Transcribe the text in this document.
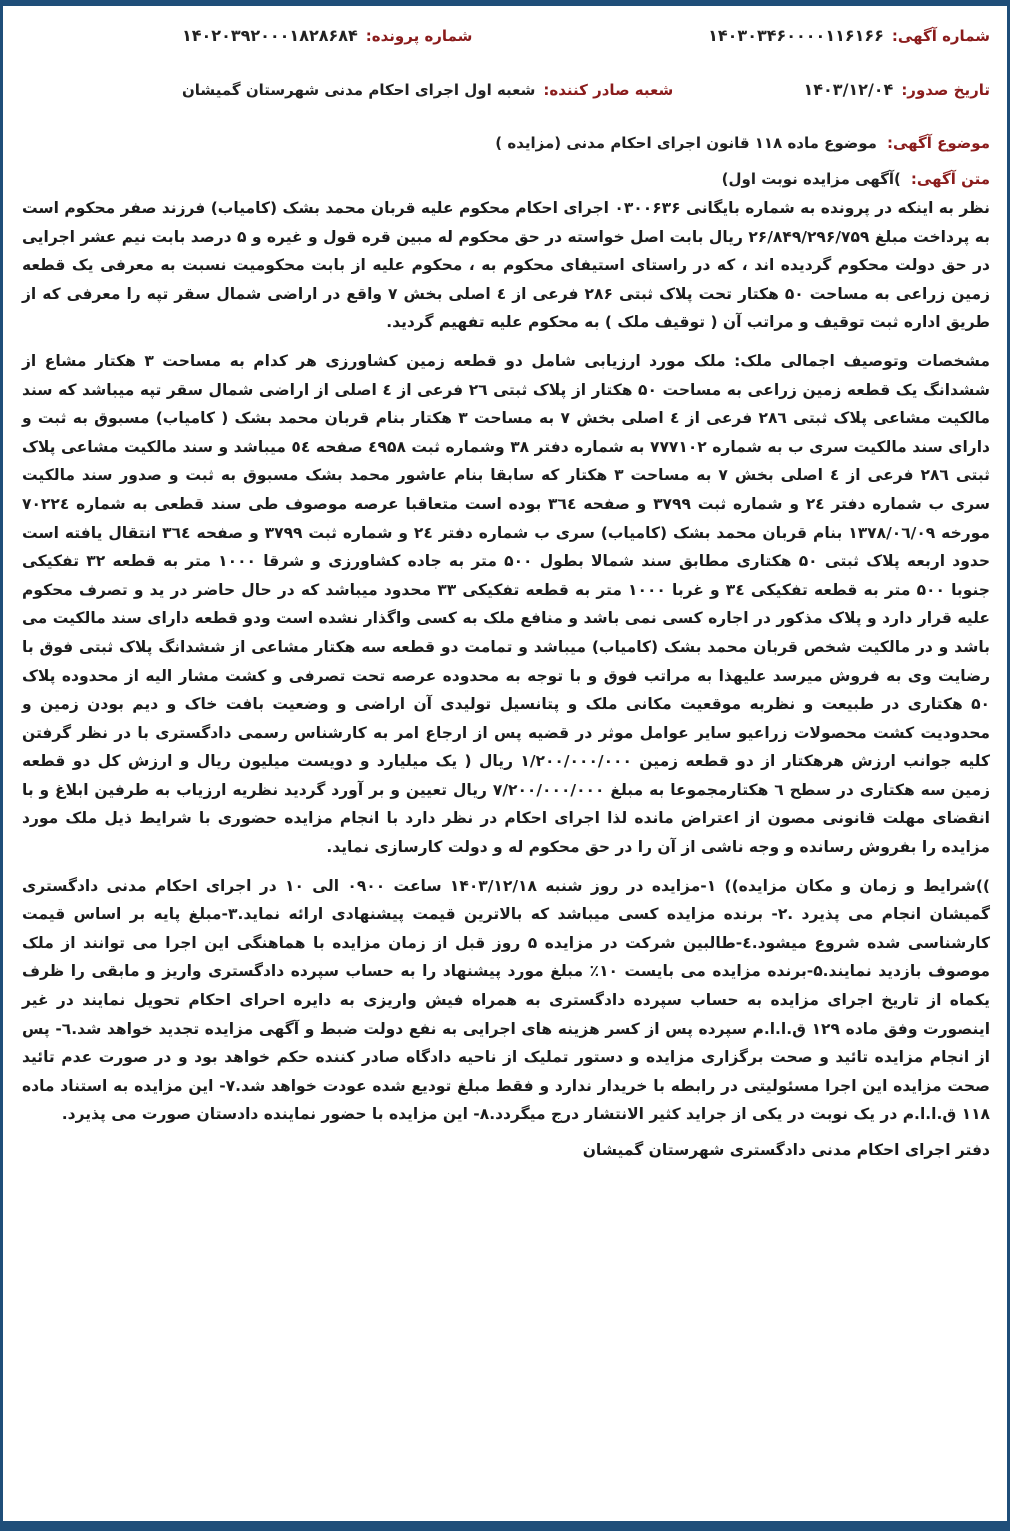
شماره آگهی:
۱۴۰۳۰۳۴۶۰۰۰۰۱۱۶۱۶۶
شماره پرونده:
۱۴۰۲۰۳۹۲۰۰۰۱۸۲۸۶۸۴
تاریخ صدور:
۱۴۰۳/۱۲/۰۴
شعبه صادر کننده:
شعبه اول اجرای احکام مدنی شهرستان گمیشان
موضوع آگهی:
موضوع ماده ۱۱۸ قانون اجرای احکام مدنی (مزایده )
متن آگهی:
)آگهی مزایده نوبت اول)

نظر به اینکه در پرونده به شماره بایگانی ۰۳۰۰۶۳۶ اجرای احکام محکوم علیه قربان محمد بشک (کامیاب) فرزند صفر محکوم است به پرداخت مبلغ ۲۶/۸۴۹/۲۹۶/۷۵۹ ریال بابت اصل خواسته در حق محکوم له مبین قره قول و غیره و ۵ درصد بابت نیم عشر اجرایی در حق دولت محکوم گردیده اند ، که در راستای استیفای محکوم به ، محکوم علیه از بابت محکومیت نسبت به معرفی یک قطعه زمین زراعی به مساحت ۵۰ هکتار تحت پلاک ثبتی ۲۸۶ فرعی از ٤ اصلی بخش ۷ واقع در اراضی شمال سقر تپه را معرفی که از طریق اداره ثبت توقیف و مراتب آن ( توقیف ملک ) به محکوم علیه تفهیم گردید.

مشخصات وتوصیف اجمالی ملک: ملک مورد ارزیابی شامل دو قطعه زمین کشاورزی هر کدام به مساحت ۳ هکتار مشاع از ششدانگ یک قطعه زمین زراعی به مساحت ۵۰ هکتار از پلاک ثبتی ۲٦ فرعی از ٤ اصلی از اراضی شمال سقر تپه میباشد که سند مالکیت مشاعی پلاک ثبتی ۲۸٦ فرعی از ٤ اصلی بخش ۷ به مساحت ۳ هکتار بنام قربان محمد بشک ( کامیاب) مسبوق به ثبت و دارای سند مالکیت سری ب به شماره ۷۷۷۱۰۲ به شماره دفتر ۳۸ وشماره ثبت ٤۹۵۸ صفحه ٥٤ میباشد و سند مالکیت مشاعی پلاک ثبتی ۲۸٦ فرعی از ٤ اصلی بخش ۷ به مساحت ۳ هکتار که سابقا بنام عاشور محمد بشک مسبوق به ثبت و صدور سند مالکیت سری ب شماره دفتر ۲٤ و شماره ثبت ۳۷۹۹ و صفحه ۳٦٤ بوده است متعاقبا عرصه موصوف طی سند قطعی به شماره ۷۰۲۲٤ مورخه ۱۳۷۸/۰٦/۰۹ بنام قربان محمد بشک (کامیاب) سری ب شماره دفتر ۲٤ و شماره ثبت ۳۷۹۹ و صفحه ۳٦٤ انتقال یافته است حدود اربعه پلاک ثبتی ۵۰ هکتاری مطابق سند شمالا بطول ۵۰۰ متر به جاده کشاورزی و شرقا ۱۰۰۰ متر به قطعه ۳۲ تفکیکی جنوبا ۵۰۰ متر به قطعه تفکیکی ۳٤ و غربا ۱۰۰۰ متر به قطعه تفکیکی ۳۳ محدود میباشد که در حال حاضر در ید و تصرف محکوم علیه قرار دارد و پلاک مذکور در اجاره کسی نمی باشد و منافع ملک به کسی واگذار نشده است ودو قطعه دارای سند مالکیت می باشد و در مالکیت شخص قربان محمد بشک (کامیاب) میباشد و تمامت دو قطعه سه هکتار مشاعی از ششدانگ پلاک ثبتی فوق با رضایت وی به فروش میرسد علیهذا به مراتب فوق و با توجه به محدوده عرصه تحت تصرفی و کشت مشار الیه از محدوده پلاک ۵۰ هکتاری در طبیعت و نظربه موقعیت مکانی ملک و پتانسیل تولیدی آن اراضی و وضعیت بافت خاک و دیم بودن زمین و محدودیت کشت محصولات زراعیو سایر عوامل موثر در قضیه پس از ارجاع امر به کارشناس رسمی دادگستری با در نظر گرفتن کلیه جوانب ارزش هرهکتار از دو قطعه زمین ۱/۲۰۰/۰۰۰/۰۰۰ ریال ( یک میلیارد و دویست میلیون ریال و ارزش کل دو قطعه زمین سه هکتاری در سطح ٦ هکتارمجموعا به مبلغ ۷/۲۰۰/۰۰۰/۰۰۰ ریال تعیین و بر آورد گردید نظریه ارزیاب به طرفین ابلاغ و با انقضای مهلت قانونی مصون از اعتراض مانده لذا اجرای احکام در نظر دارد با انجام مزایده حضوری با شرایط ذیل ملک مورد مزایده را بفروش رسانده و وجه ناشی از آن را در حق محکوم له و دولت کارسازی نماید.

))شرایط و زمان و مکان مزایده)) ۱-مزایده در روز شنبه ۱۴۰۳/۱۲/۱۸ ساعت ۰۹۰۰ الی ۱۰ در اجرای احکام مدنی دادگستری گمیشان انجام می پذیرد .۲- برنده مزایده کسی میباشد که بالاترین قیمت پیشنهادی ارائه نماید.۳-مبلغ پایه بر اساس قیمت کارشناسی شده شروع میشود.٤-طالبین شرکت در مزایده ۵ روز قبل از زمان مزایده با هماهنگی این اجرا می توانند از ملک موصوف بازدید نمایند.۵-برنده مزایده می بایست ۱۰٪ مبلغ مورد پیشنهاد را به حساب سپرده دادگستری واریز و مابقی را ظرف یکماه از تاریخ اجرای مزایده به حساب سپرده دادگستری به همراه فیش واریزی به دایره احرای احکام تحویل نمایند در غیر اینصورت وفق ماده ۱۲۹ ق.ا.ا.م سپرده پس از کسر هزینه های اجرایی به نفع دولت ضبط و آگهی مزایده تجدید خواهد شد.٦- پس از انجام مزایده تائید و صحت برگزاری مزایده و دستور تملیک از ناحیه دادگاه صادر کننده حکم خواهد بود و در صورت عدم تائید صحت مزایده این اجرا مسئولیتی در رابطه با خریدار ندارد و فقط مبلغ تودیع شده عودت خواهد شد.۷- این مزایده به استناد ماده ۱۱۸ ق.ا.ا.م در یک نوبت در یکی از جراید کثیر الانتشار درج میگردد.۸- این مزایده با حضور نماینده دادستان صورت می پذیرد.

دفتر اجرای احکام مدنی دادگستری شهرستان گمیشان
